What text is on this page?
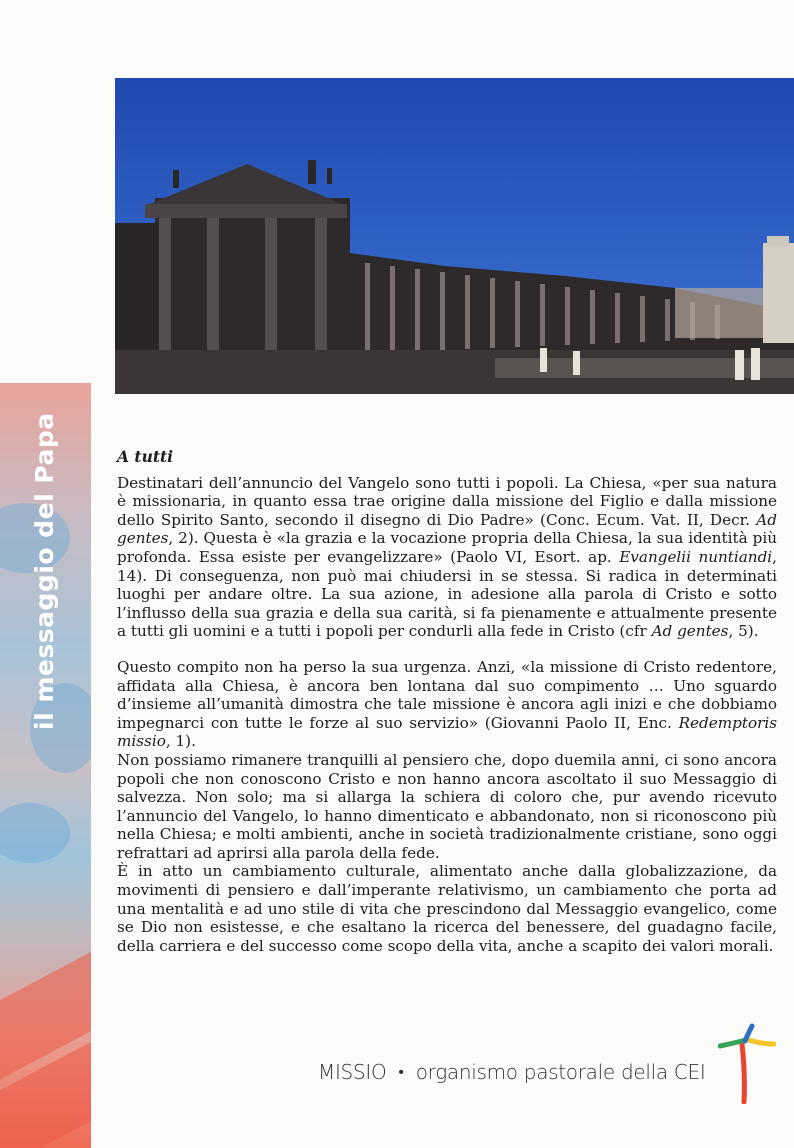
il messaggio del Papa	A tutti

Destinatari dell’annuncio del Vangelo sono tutti i popoli. La Chiesa, «per sua natura è missionaria, in quanto essa trae origine dalla missione del Figlio e dalla missione dello Spirito Santo, secondo il disegno di Dio Padre» (Conc. Ecum. Vat. II, Decr. Ad gentes, 2). Questa è «la grazia e la vocazione propria della Chiesa, la sua identità più profonda. Essa esiste per evangelizzare» (Paolo VI, Esort. ap. Evangelii nuntiandi, 14). Di conseguenza, non può mai chiudersi in se stessa. Si radica in determinati luoghi per andare oltre. La sua azione, in adesione alla parola di Cristo e sotto l’influsso della sua grazia e della sua carità, si fa pienamente e attualmente presente a tutti gli uomini e a tutti i popoli per condurli alla fede in Cristo (cfr Ad gentes, 5).

Questo compito non ha perso la sua urgenza. Anzi, «la missione di Cristo redentore, affidata alla Chiesa, è ancora ben lontana dal suo compimento … Uno sguardo d’insieme all’umanità dimostra che tale missione è ancora agli inizi e che dobbiamo impegnarci con tutte le forze al suo servizio» (Giovanni Paolo II, Enc. Redemptoris missio, 1).

Non possiamo rimanere tranquilli al pensiero che, dopo duemila anni, ci sono ancora popoli che non conoscono Cristo e non hanno ancora ascoltato il suo Messaggio di salvezza. Non solo; ma si allarga la schiera di coloro che, pur avendo ricevuto l’annuncio del Vangelo, lo hanno dimenticato e abbandonato, non si riconoscono più nella Chiesa; e molti ambienti, anche in società tradizionalmente cristiane, sono oggi refrattari ad aprirsi alla parola della fede.

È in atto un cambiamento culturale, alimentato anche dalla globalizzazione, da movimenti di pensiero e dall’imperante relativismo, un cambiamento che porta ad una mentalità e ad uno stile di vita che prescindono dal Messaggio evangelico, come se Dio non esistesse, e che esaltano la ricerca del benessere, del guadagno facile, della carriera e del successo come scopo della vita, anche a scapito dei valori morali.

MISSIO • organismo pastorale della CEI
